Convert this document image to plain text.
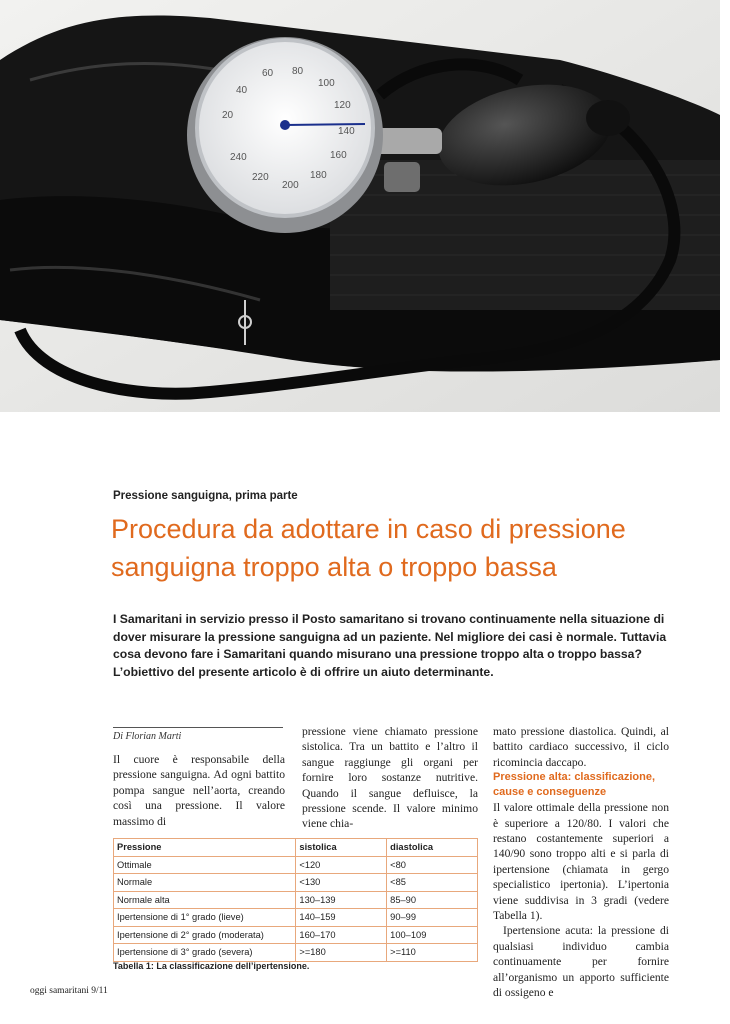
20
40
60 80
100
120
140
160
180
200
220
240
Pressione sanguigna, prima parte
Procedura da adottare in caso di pressione
sanguigna troppo alta o troppo bassa

I Samaritani in servizio presso il Posto samaritano si trovano continuamente nella situazione di dover misurare la pressione sanguigna ad un paziente. Nel migliore dei casi è normale. Tuttavia cosa devono fare i Samaritani quando misurano una pressione troppo alta o troppo bassa? L’obiettivo del presente articolo è di offrire un aiuto determinante.

Di Florian Marti

Il cuore è responsabile della pressione sanguigna. Ad ogni battito pompa sangue nell’aorta, creando così una pressione. Il valore massimo di

pressione viene chiamato pressione sistolica. Tra un battito e l’altro il sangue raggiunge gli organi per fornire loro sostanze nutritive. Quando il sangue defluisce, la pressione scende. Il valore minimo viene chia-

mato pressione diastolica. Quindi, al battito cardiaco successivo, il ciclo ricomincia daccapo.

Pressione alta: classificazione, cause e conseguenze

Il valore ottimale della pressione non è superiore a 120/80. I valori che restano costantemente superiori a 140/90 sono troppo alti e si parla di ipertensione (chiamata in gergo specialistico ipertonia). L’ipertonia viene suddivisa in 3 gradi (vedere Tabella 1).

Ipertensione acuta: la pressione di qualsiasi individuo cambia continuamente per fornire all’organismo un apporto sufficiente di ossigeno e

Pressione	sistolica	diastolica
Ottimale	<120	<80
Normale	<130	<85
Normale alta	130–139	85–90
Ipertensione di 1° grado (lieve)	140–159	90–99
Ipertensione di 2° grado (moderata)	160–170	100–109
Ipertensione di 3° grado (severa)	>=180	>=110
Tabella 1: La classificazione dell’ipertensione.
oggi samaritani 9/11
